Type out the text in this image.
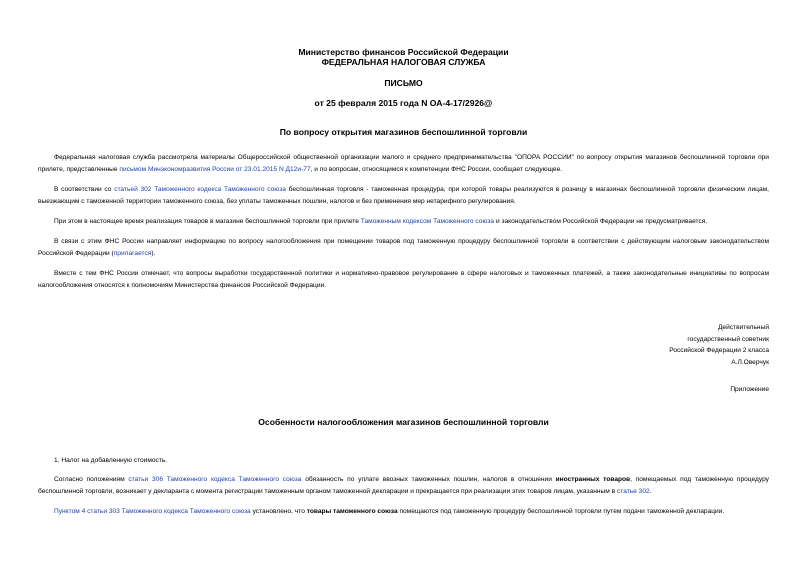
Министерство финансов Российской Федерации
ФЕДЕРАЛЬНАЯ НАЛОГОВАЯ СЛУЖБА
ПИСЬМО
от 25 февраля 2015 года N ОА-4-17/2926@
По вопросу открытия магазинов беспошлинной торговли
Федеральная налоговая служба рассмотрела материалы Общероссийской общественной организации малого и среднего предпринимательства "ОПОРА РОССИИ" по вопросу открытия магазинов беспошлинной торговли при прилете, представленные письмом Минэкономразвития России от 23.01.2015 N Д12и-77, и по вопросам, относящимся к компетенции ФНС России, сообщает следующее.
В соответствии со статьей 302 Таможенного кодекса Таможенного союза беспошлинная торговля - таможенная процедура, при которой товары реализуются в розницу в магазинах беспошлинной торговли физическим лицам, выезжающим с таможенной территории таможенного союза, без уплаты таможенных пошлин, налогов и без применения мер нетарифного регулирования.
При этом в настоящее время реализация товаров в магазине беспошлинной торговли при прилете Таможенным кодексом Таможенного союза и законодательством Российской Федерации не предусматривается.
В связи с этим ФНС России направляет информацию по вопросу налогообложения при помещении товаров под таможенную процедуру беспошлинной торговли в соответствии с действующим налоговым законодательством Российской Федерации (прилагается).
Вместе с тем ФНС России отмечает, что вопросы выработки государственной политики и нормативно-правовое регулирование в сфере налоговых и таможенных платежей, а также законодательные инициативы по вопросам налогообложения относятся к полномочиям Министерства финансов Российской Федерации.
Действительный
государственный советник
Российской Федерации 2 класса
А.Л.Оверчук
Приложение
Особенности налогообложения магазинов беспошлинной торговли
1. Налог на добавленную стоимость.
Согласно положениям статьи 306 Таможенного кодекса Таможенного союза обязанность по уплате ввозных таможенных пошлин, налогов в отношении иностранных товаров, помещаемых под таможенную процедуру беспошлинной торговли, возникает у декларанта с момента регистрации таможенным органом таможенной декларации и прекращается при реализации этих товаров лицам, указанным в статье 302.
Пунктом 4 статьи 303 Таможенного кодекса Таможенного союза установлено, что товары таможенного союза помещаются под таможенную процедуру беспошлинной торговли путем подачи таможенной декларации.
